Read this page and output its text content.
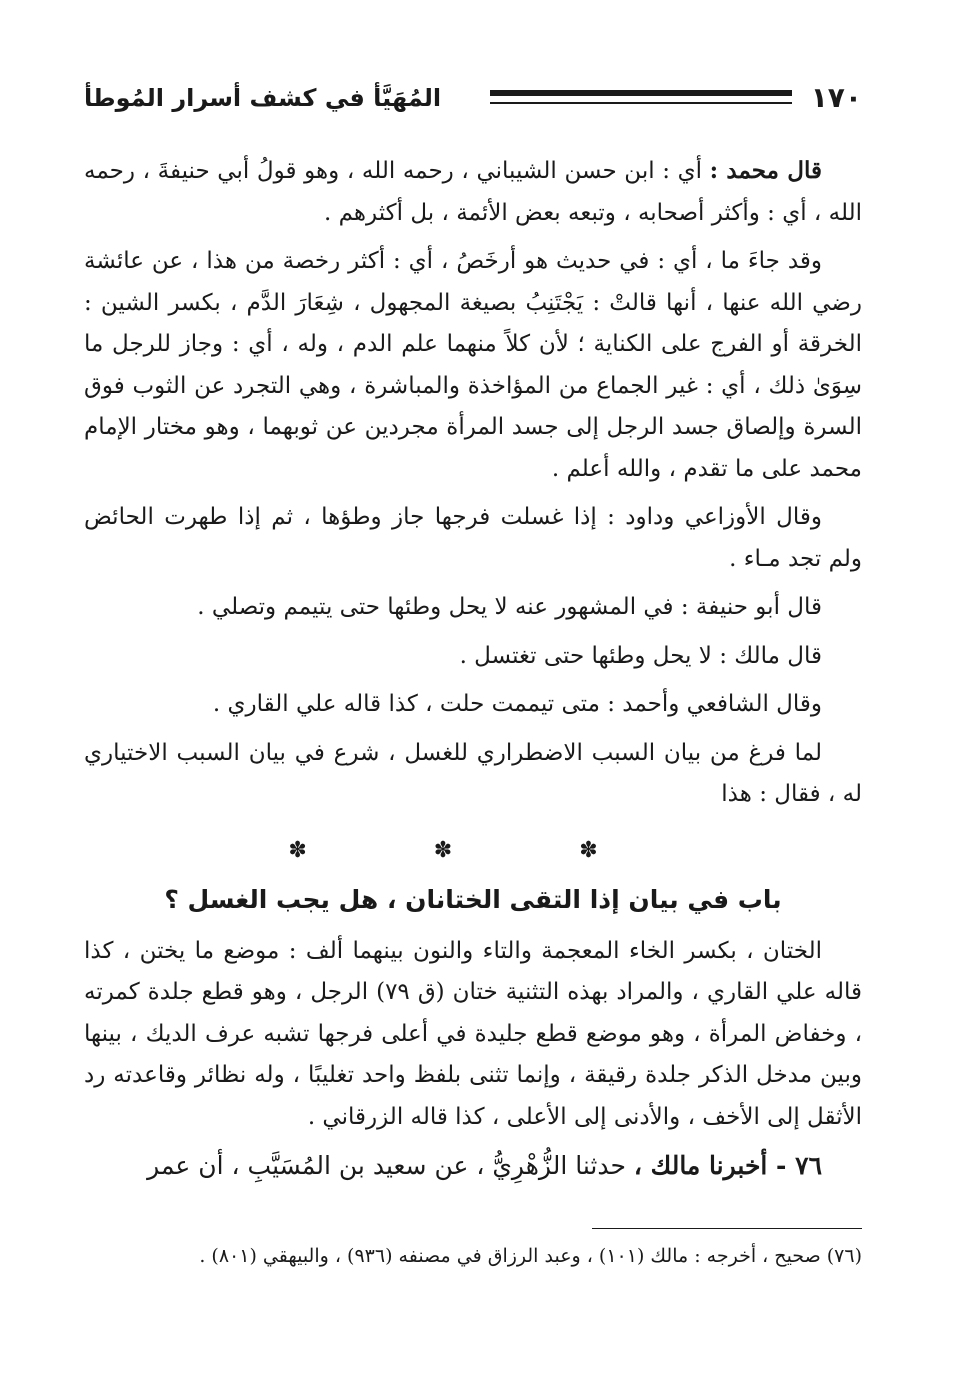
١٧٠
المُهَيَّأ في كشف أسرار المُوطأ

قال محمد : أي : ابن حسن الشيباني ، رحمه الله ، وهو قولُ أبي حنيفةَ ، رحمه الله ، أي : وأكثر أصحابه ، وتبعه بعض الأئمة ، بل أكثرهم .

وقد جاءَ ما ، أي : في حديث هو أرخَصُ ، أي : أكثر رخصة من هذا ، عن عائشة رضي الله عنها ، أنها قالتْ : يَجْتَنِبُ بصيغة المجهول ، شِعَارَ الدَّم ، بكسر الشين : الخرقة أو الفرج على الكناية ؛ لأن كلاً منهما علم الدم ، وله ، أي : وجاز للرجل ما سِوَىٰ ذلك ، أي : غير الجماع من المؤاخذة والمباشرة ، وهي التجرد عن الثوب فوق السرة وإلصاق جسد الرجل إلى جسد المرأة مجردين عن ثوبهما ، وهو مختار الإمام محمد على ما تقدم ، والله أعلم .

وقال الأوزاعي وداود : إذا غسلت فرجها جاز وطؤها ، ثم إذا طهرت الحائض ولم تجد مـاء .

قال أبو حنيفة : في المشهور عنه لا يحل وطئها حتى يتيمم وتصلي .

قال مالك : لا يحل وطئها حتى تغتسل .

وقال الشافعي وأحمد : متى تيممت حلت ، كذا قاله علي القاري .

لما فرغ من بيان السبب الاضطراري للغسل ، شرع في بيان السبب الاختياري له ، فقال : هذا

✽ ✽ ✽
باب في بيان إذا التقى الختانان ، هل يجب الغسل ؟

الختان ، بكسر الخاء المعجمة والتاء والنون بينهما ألف : موضع ما يختن ، كذا قاله علي القاري ، والمراد بهذه التثنية ختان (ق ٧٩) الرجل ، وهو قطع جلدة كمرته ، وخفاض المرأة ، وهو موضع قطع جليدة في أعلى فرجها تشبه عرف الديك ، بينها وبين مدخل الذكر جلدة رقيقة ، وإنما تثنى بلفظ واحد تغليبًا ، وله نظائر وقاعدته رد الأثقل إلى الأخف ، والأدنى إلى الأعلى ، كذا قاله الزرقاني .

٧٦ - أخبرنا مالك ، حدثنا الزُّهْرِيُّ ، عن سعيد بن المُسَيَّبِ ، أن عمر

(٧٦) صحيح ، أخرجه : مالك (١٠١) ، وعبد الرزاق في مصنفه (٩٣٦) ، والبيهقي (٨٠١) .
